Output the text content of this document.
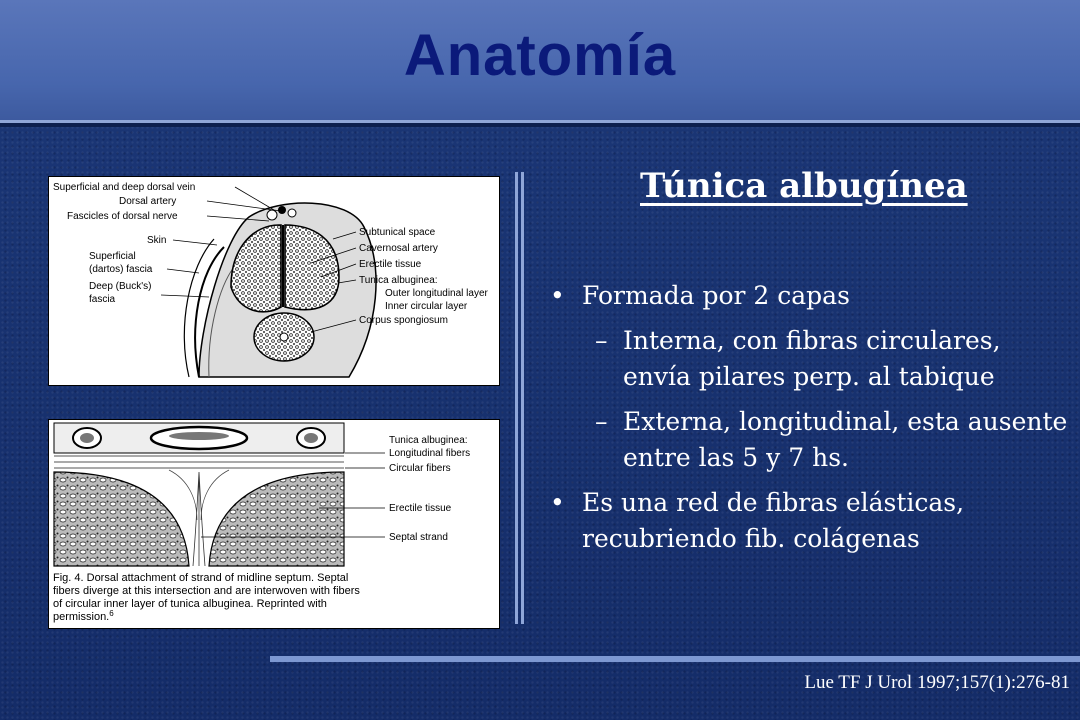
Anatomía
Superficial and deep dorsal vein
Dorsal artery
Fascicles of dorsal nerve
Skin
Superficial
(dartos) fascia
Deep (Buck's)
fascia
Subtunical space
Cavernosal artery
Erectile tissue
Tunica albuginea:
Outer longitudinal layer
Inner circular layer
Corpus spongiosum
Tunica albuginea:
Longitudinal fibers
Circular fibers
Erectile tissue
Septal strand
Fig. 4. Dorsal attachment of strand of midline septum. Septal
fibers diverge at this intersection and are interwoven with fibers
of circular inner layer of tunica albuginea. Reprinted with
permission.$^6$
Túnica albugínea
• Formada por 2 capas
– Interna, con fibras circulares, envía pilares perp. al tabique
– Externa, longitudinal, esta ausente entre las 5 y 7 hs.
• Es una red de fibras elásticas, recubriendo fib. colágenas
Lue TF J Urol 1997;157(1):276-81
